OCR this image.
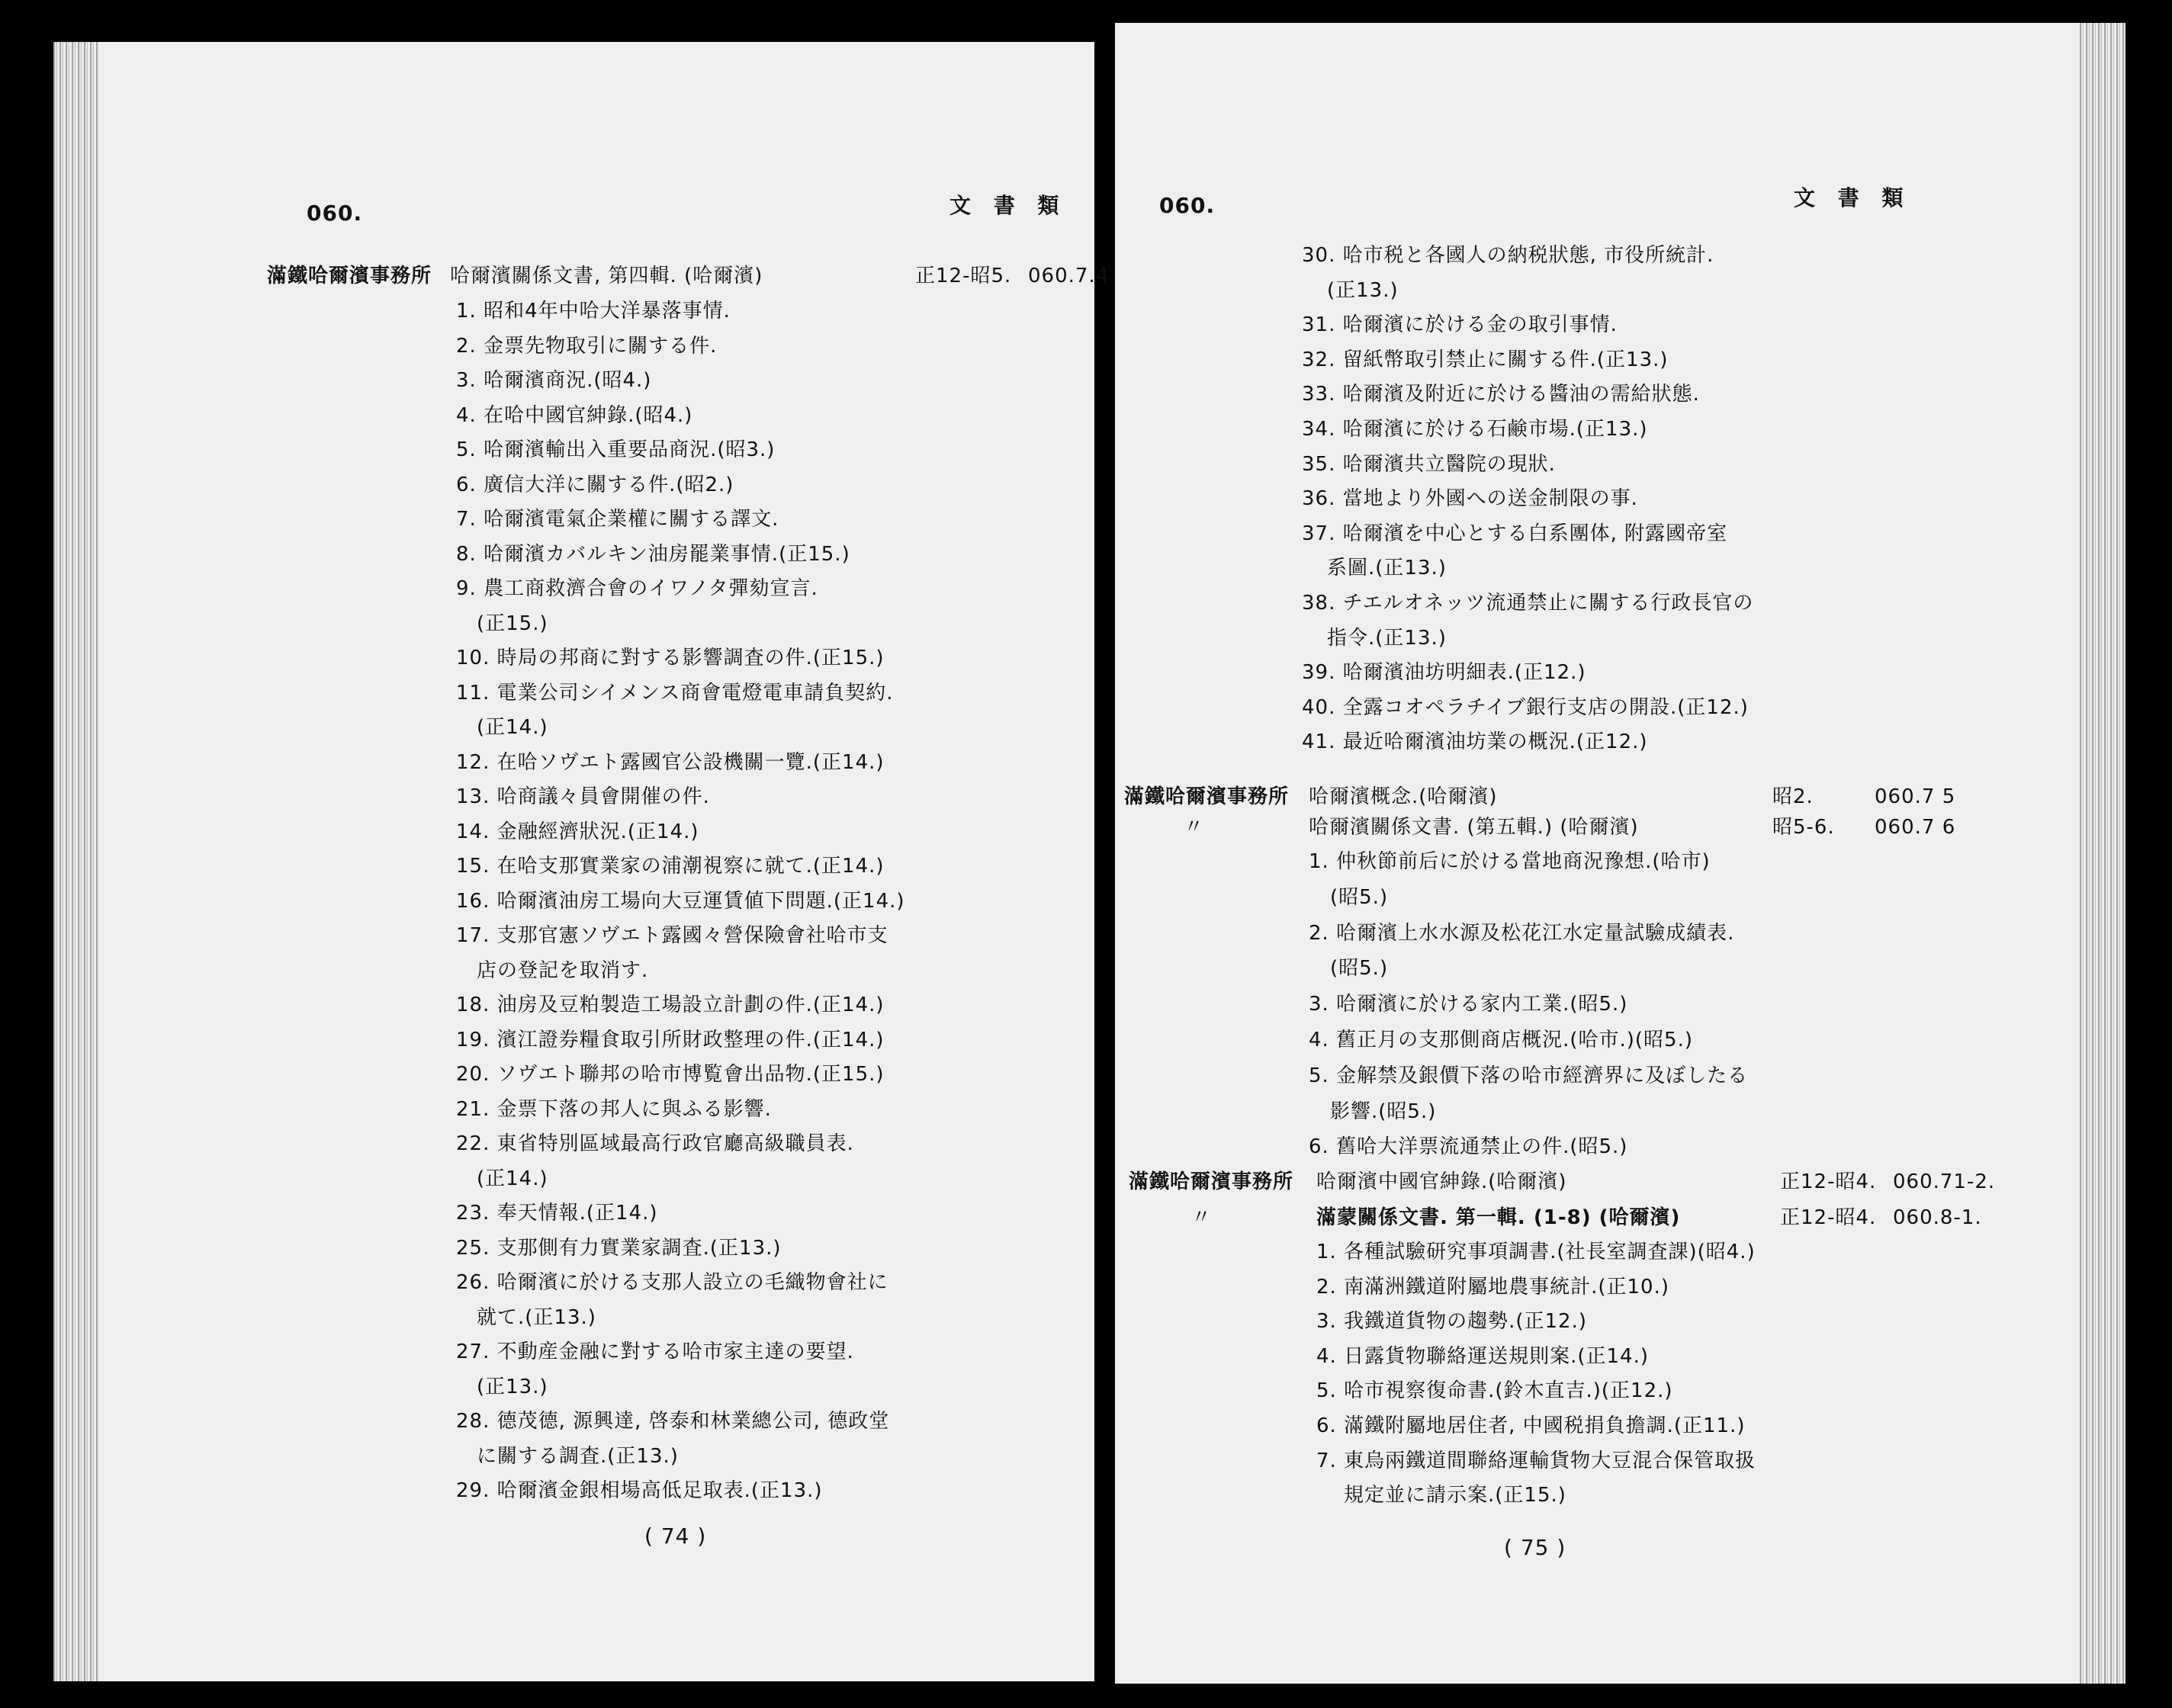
060.	文 書 類
滿鐵哈爾濱事務所 哈爾濱關係文書, 第四輯. (哈爾濱)	正12-昭5. 060.7.4
1. 昭和4年中哈大洋暴落事情.
2. 金票先物取引に關する件.
3. 哈爾濱商況.(昭4.)
4. 在哈中國官紳錄.(昭4.)
5. 哈爾濱輸出入重要品商況.(昭3.)
6. 廣信大洋に關する件.(昭2.)
7. 哈爾濱電氣企業權に關する譯文.
8. 哈爾濱カバルキン油房罷業事情.(正15.)
9. 農工商救濟合會のイワノタ彈劾宣言.
(正15.)
10. 時局の邦商に對する影響調査の件.(正15.)
11. 電業公司シイメンス商會電燈電車請負契約.
(正14.)
12. 在哈ソヴエト露國官公設機關一覽.(正14.)
13. 哈商議々員會開催の件.
14. 金融經濟狀況.(正14.)
15. 在哈支那實業家の浦潮視察に就て.(正14.)
16. 哈爾濱油房工場向大豆運賃値下問題.(正14.)
17. 支那官憲ソヴエト露國々營保險會社哈市支
店の登記を取消す.
18. 油房及豆粕製造工場設立計劃の件.(正14.)
19. 濱江證券糧食取引所財政整理の件.(正14.)
20. ソヴエト聯邦の哈市博覧會出品物.(正15.)
21. 金票下落の邦人に與ふる影響.
22. 東省特別區域最高行政官廳高級職員表.
(正14.)
23. 奉天情報.(正14.)
25. 支那側有力實業家調査.(正13.)
26. 哈爾濱に於ける支那人設立の毛織物會社に
就て.(正13.)
27. 不動産金融に對する哈市家主達の要望.
(正13.)
28. 德茂德, 源興達, 啓泰和林業總公司, 德政堂
に關する調査.(正13.)
29. 哈爾濱金銀相場高低足取表.(正13.)
( 74 )
060.	文 書 類
30. 哈市税と各國人の納税狀態, 市役所統計.
(正13.)
31. 哈爾濱に於ける金の取引事情.
32. 留紙幣取引禁止に關する件.(正13.)
33. 哈爾濱及附近に於ける醬油の需給狀態.
34. 哈爾濱に於ける石鹸市場.(正13.)
35. 哈爾濱共立醫院の現狀.
36. 當地より外國への送金制限の事.
37. 哈爾濱を中心とする白系團体, 附露國帝室
系圖.(正13.)
38. チエルオネッツ流通禁止に關する行政長官の
指令.(正13.)
39. 哈爾濱油坊明細表.(正12.)
40. 全露コオペラチイブ銀行支店の開設.(正12.)
41. 最近哈爾濱油坊業の概況.(正12.)
滿鐵哈爾濱事務所 哈爾濱概念.(哈爾濱)	昭2.	060.7 5
〃	哈爾濱關係文書. (第五輯.) (哈爾濱)	昭5-6. 060.7 6
1. 仲秋節前后に於ける當地商況豫想.(哈市)
(昭5.)
2. 哈爾濱上水水源及松花江水定量試驗成績表.
(昭5.)
3. 哈爾濱に於ける家内工業.(昭5.)
4. 舊正月の支那側商店概況.(哈市.)(昭5.)
5. 金解禁及銀價下落の哈市經濟界に及ぼしたる
影響.(昭5.)
6. 舊哈大洋票流通禁止の件.(昭5.)
滿鐵哈爾濱事務所 哈爾濱中國官紳錄.(哈爾濱)	正12-昭4. 060.71-2.
〃	滿蒙關係文書. 第一輯. (1-8) (哈爾濱)	正12-昭4. 060.8-1.
1. 各種試驗研究事項調書.(社長室調査課)(昭4.)
2. 南滿洲鐵道附屬地農事統計.(正10.)
3. 我鐵道貨物の趨勢.(正12.)
4. 日露貨物聯絡運送規則案.(正14.)
5. 哈市視察復命書.(鈴木直吉.)(正12.)
6. 滿鐵附屬地居住者, 中國税捐負擔調.(正11.)
7. 東烏兩鐵道間聯絡運輸貨物大豆混合保管取扱
規定並に請示案.(正15.)
( 75 )
